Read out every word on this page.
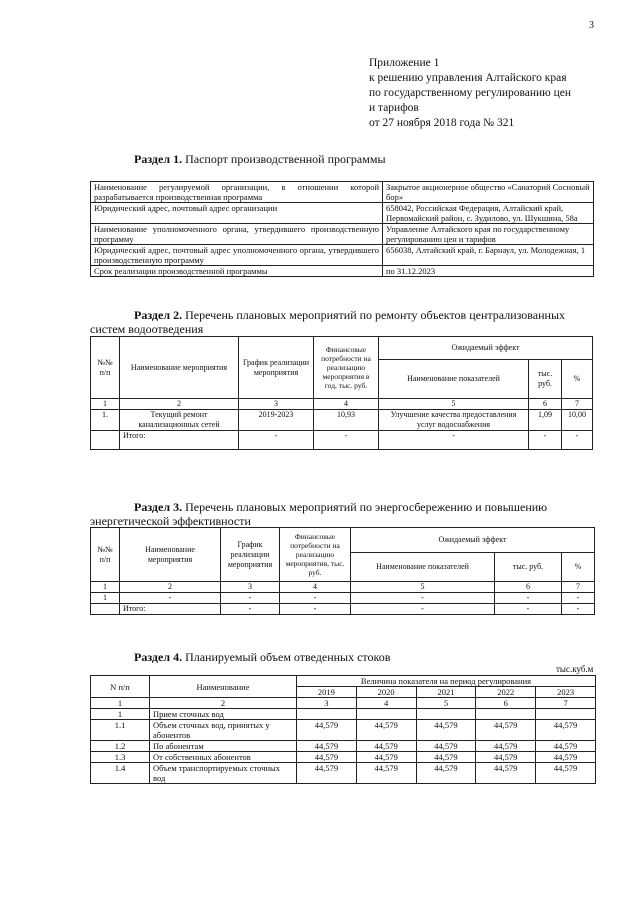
3
Приложение 1
к решению управления Алтайского края
по государственному регулированию цен
и тарифов
от 27 ноября 2018 года № 321
Раздел 1. Паспорт производственной программы
Наименование регулируемой организации, в отношении которой разрабатывается производственная программа	Закрытое акционерное общество «Санаторий Сосновый бор»
Юридический адрес, почтовый адрес организации	658042, Российская Федерация, Алтайский край, Первомайский район, с. Зудилово, ул. Шукшина, 58а
Наименование уполномоченного органа, утвердившего производственную программу	Управление Алтайского края по государственному регулированию цен и тарифов
Юридический адрес, почтовый адрес уполномоченного органа, утвердившего производственную программу	656038, Алтайский край, г. Барнаул, ул. Молодежная, 1
Срок реализации производственной программы	по 31.12.2023
Раздел 2. Перечень плановых мероприятий по ремонту объектов централизованных систем водоотведения
№№ п/п	Наименование мероприятия	График реализации мероприятия	Финансовые потребности на реализацию мероприятия в год, тыс. руб.	Ожидаемый эффект		
				Наименование показателей	тыс. руб.	%
1	2	3	4	5	6	7
1.	Текущий ремонт канализационных сетей	2019-2023	10,93	Улучшение качества предоставления услуг водоснабжения	1,09	10,00
	Итого:	-	-	-	-	-
Раздел 3. Перечень плановых мероприятий по энергосбережению и повышению энергетической эффективности
№№ п/п	Наименование мероприятия	График реализации мероприятия	Финансовые потребности на реализацию мероприятия, тыс. руб.	Ожидаемый эффект		
				Наименование показателей	тыс. руб.	%
1	2	3	4	5	6	7
1	-	-	-	-	-	-
	Итого:	-	-	-	-	-
Раздел 4. Планируемый объем отведенных стоков
тыс.куб.м
N п/п	Наименование	Величина показателя на период регулирования				
		2019	2020	2021	2022	2023
1	2	3	4	5	6	7
1	Прием сточных вод					
1.1	Объем сточных вод, принятых у абонентов	44,579	44,579	44,579	44,579	44,579
1.2	По абонентам	44,579	44,579	44,579	44,579	44,579
1.3	От собственных абонентов	44,579	44,579	44,579	44,579	44,579
1.4	Объем транспортируемых сточных вод	44,579	44,579	44,579	44,579	44,579
